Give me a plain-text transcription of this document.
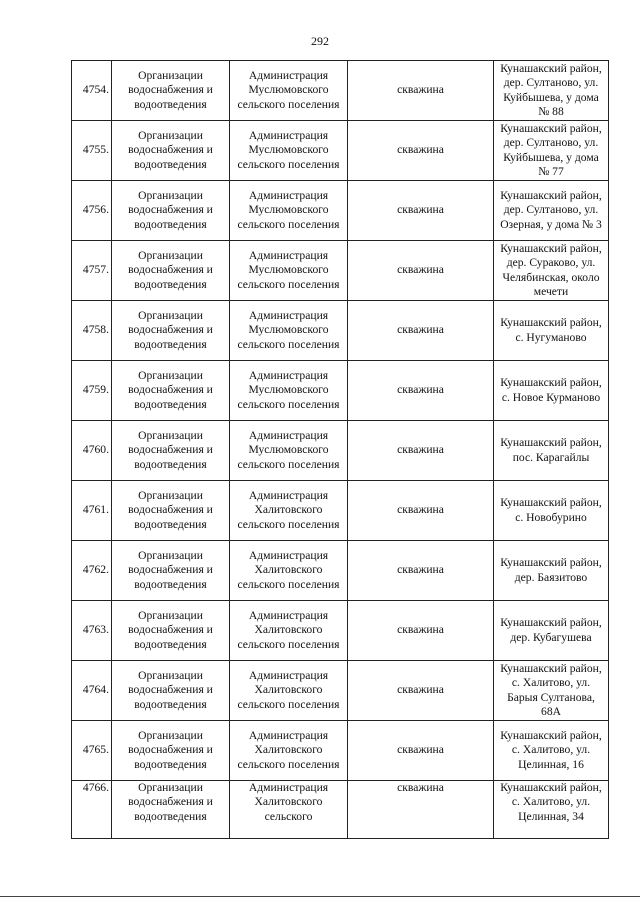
292
4754.	Организации водоснабжения и водоотведения	Администрация Муслюмовского сельского поселения	скважина	Кунашакский район, дер. Султаново, ул. Куйбышева, у дома № 88
4755.	Организации водоснабжения и водоотведения	Администрация Муслюмовского сельского поселения	скважина	Кунашакский район, дер. Султаново, ул. Куйбышева, у дома № 77
4756.	Организации водоснабжения и водоотведения	Администрация Муслюмовского сельского поселения	скважина	Кунашакский район, дер. Султаново, ул. Озерная, у дома № 3
4757.	Организации водоснабжения и водоотведения	Администрация Муслюмовского сельского поселения	скважина	Кунашакский район, дер. Сураково, ул. Челябинская, около мечети
4758.	Организации водоснабжения и водоотведения	Администрация Муслюмовского сельского поселения	скважина	Кунашакский район, с. Нугуманово
4759.	Организации водоснабжения и водоотведения	Администрация Муслюмовского сельского поселения	скважина	Кунашакский район, с. Новое Курманово
4760.	Организации водоснабжения и водоотведения	Администрация Муслюмовского сельского поселения	скважина	Кунашакский район, пос. Карагайлы
4761.	Организации водоснабжения и водоотведения	Администрация Халитовского сельского поселения	скважина	Кунашакский район, с. Новобурино
4762.	Организации водоснабжения и водоотведения	Администрация Халитовского сельского поселения	скважина	Кунашакский район, дер. Баязитово
4763.	Организации водоснабжения и водоотведения	Администрация Халитовского сельского поселения	скважина	Кунашакский район, дер. Кубагушева
4764.	Организации водоснабжения и водоотведения	Администрация Халитовского сельского поселения	скважина	Кунашакский район, с. Халитово, ул. Барыя Султанова, 68А
4765.	Организации водоснабжения и водоотведения	Администрация Халитовского сельского поселения	скважина	Кунашакский район, с. Халитово, ул. Целинная, 16
4766.	Организации водоснабжения и водоотведения	Администрация Халитовского сельского	скважина	Кунашакский район, с. Халитово, ул. Целинная, 34
